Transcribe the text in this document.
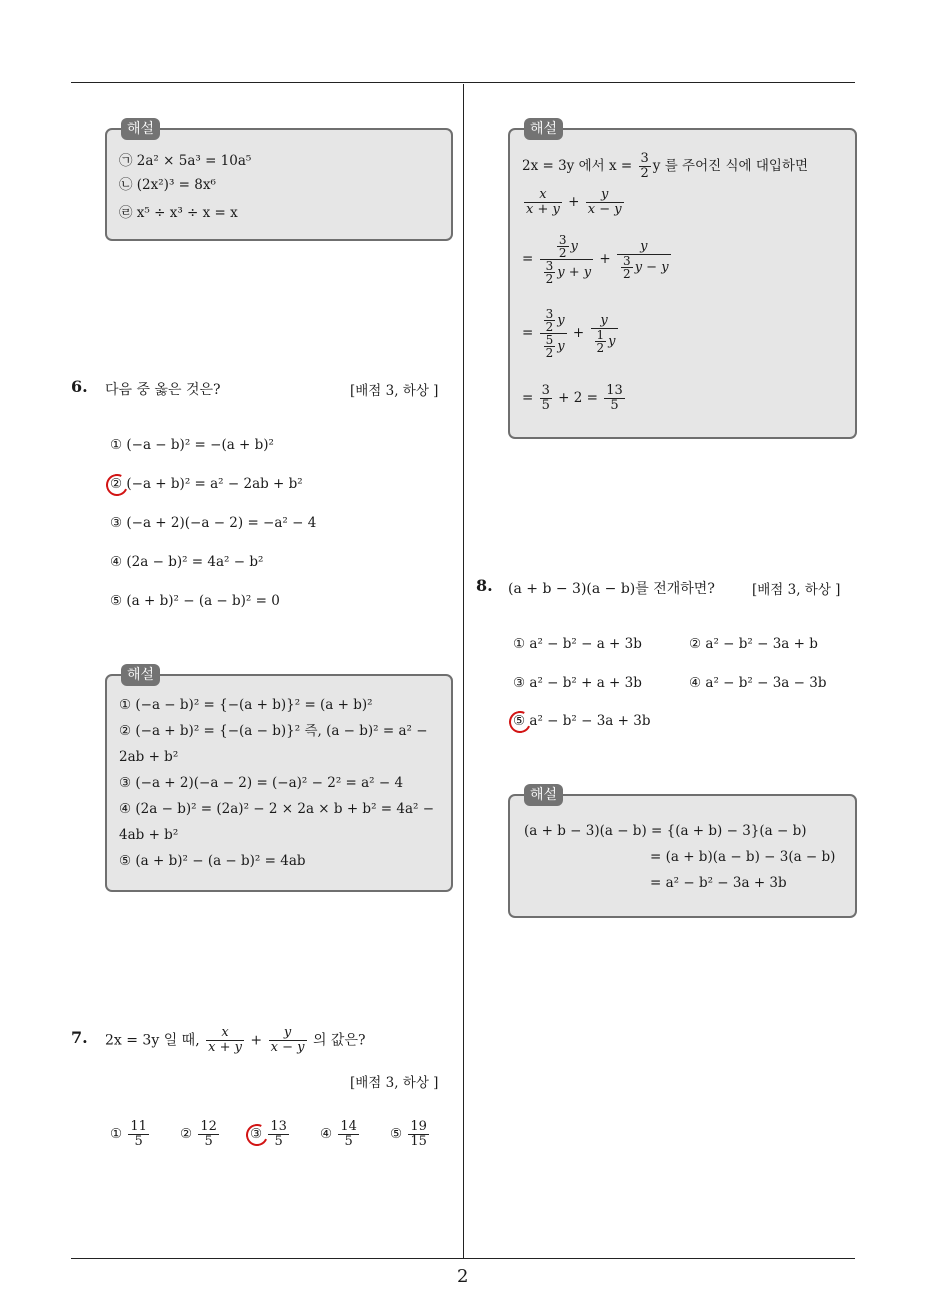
해설
㉠ 2a² × 5a³ = 10a⁵
㉡ (2x²)³ = 8x⁶
㉣ x⁵ ÷ x³ ÷ x = x
6. 다음 중 옳은 것은?	[배점 3, 하상 ]
① (−a − b)² = −(a + b)²
② (−a + b)² = a² − 2ab + b²
③ (−a + 2)(−a − 2) = −a² − 4
④ (2a − b)² = 4a² − b²
⑤ (a + b)² − (a − b)² = 0
해설
① (−a − b)² = {−(a + b)}² = (a + b)²
② (−a + b)² = {−(a − b)}² 즉, (a − b)² = a² −
2ab + b²
③ (−a + 2)(−a − 2) = (−a)² − 2² = a² − 4
④ (2a − b)² = (2a)² − 2 × 2a × b + b² = 4a² −
4ab + b²
⑤ (a + b)² − (a − b)² = 4ab
7. 2x = 3y 일 때, $\frac{x}{x + y} + \frac{y}{x - y}$ 의 값은?
[배점 3, 하상 ]
① $\frac{11}{5}$ ② $\frac{12}{5}$ ③ $\frac{13}{5}$ ④ $\frac{14}{5}$ ⑤ $\frac{19}{15}$
해설
2x = 3y 에서 $x = \frac{3}{2}$ y 를 주어진 식에 대입하면
$\frac{x}{x + y} + \frac{y}{x - y}$
= $\frac{\frac{3}{2} y}{\frac{3}{2} y + y} + \frac{y}{\frac{3}{2} y - y}$
= $\frac{\frac{3}{2} y}{\frac{5}{2} y} + \frac{y}{\frac{1}{2} y}$
= $\frac{3}{5} + 2 = \frac{13}{5}$
8. (a + b − 3)(a − b)를 전개하면?	[배점 3, 하상 ]
① a² − b² − a + 3b	② a² − b² − 3a + b
③ a² − b² + a + 3b	④ a² − b² − 3a − 3b
⑤ a² − b² − 3a + 3b
해설
(a + b − 3)(a − b) = {(a + b) − 3}(a − b)
= (a + b)(a − b) − 3(a − b)
= a² − b² − 3a + 3b
2
